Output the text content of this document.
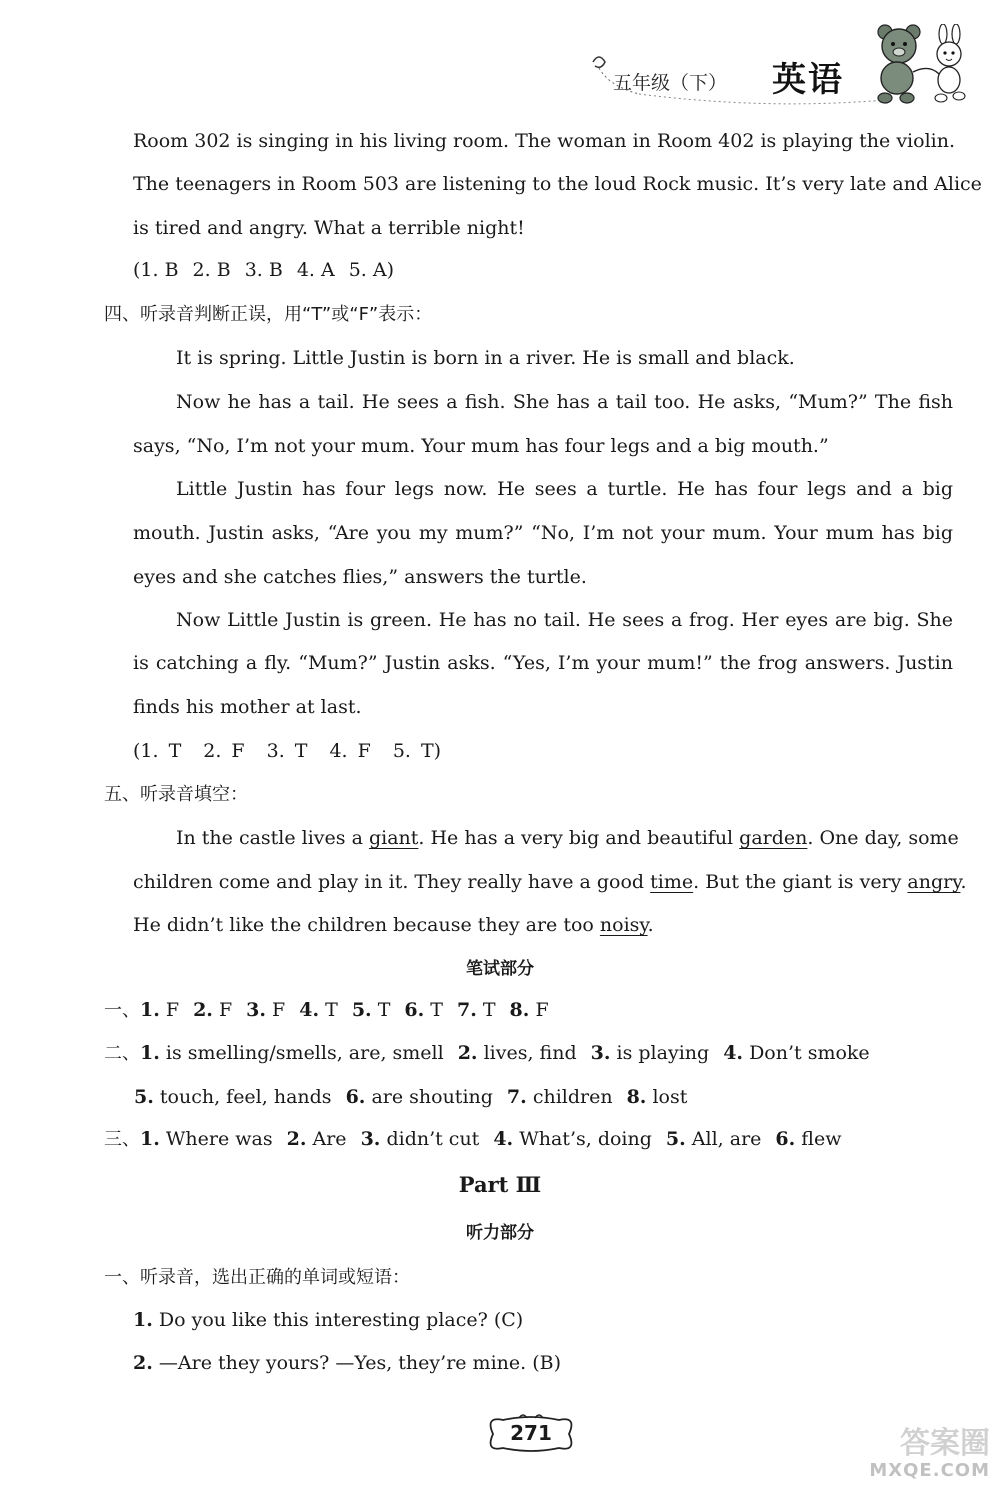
五年级（下） 英语
Room 302 is singing in his living room. The woman in Room 402 is playing the violin.
The teenagers in Room 503 are listening to the loud Rock music. It’s very late and Alice
is tired and angry. What a terrible night!
(1. B 2. B 3. B 4. A 5. A)
四、听录音判断正误，用“T”或“F”表示：
It is spring. Little Justin is born in a river. He is small and black.
Now he has a tail. He sees a fish. She has a tail too. He asks, “Mum?” The fish
says, “No, I’m not your mum. Your mum has four legs and a big mouth.”
Little Justin has four legs now. He sees a turtle. He has four legs and a big
mouth. Justin asks, “Are you my mum?” “No, I’m not your mum. Your mum has big
eyes and she catches flies,” answers the turtle.
Now Little Justin is green. He has no tail. He sees a frog. Her eyes are big. She
is catching a fly. “Mum?” Justin asks. “Yes, I’m your mum!” the frog answers. Justin
finds his mother at last.
(1. T 2. F 3. T 4. F 5. T)
五、听录音填空：
In the castle lives a giant. He has a very big and beautiful garden. One day, some
children come and play in it. They really have a good time. But the giant is very angry.
He didn’t like the children because they are too noisy.
笔试部分
一、1. F 2. F 3. F 4. T 5. T 6. T 7. T 8. F
二、1. is smelling/smells, are, smell 2. lives, find 3. is playing 4. Don’t smoke
5. touch, feel, hands 6. are shouting 7. children 8. lost
三、1. Where was 2. Are 3. didn’t cut 4. What’s, doing 5. All, are 6. flew
Part Ⅲ
听力部分
一、听录音，选出正确的单词或短语：
1. Do you like this interesting place? (C)
2. —Are they yours? —Yes, they’re mine. (B)
271	答案圈
MXQE.COM
